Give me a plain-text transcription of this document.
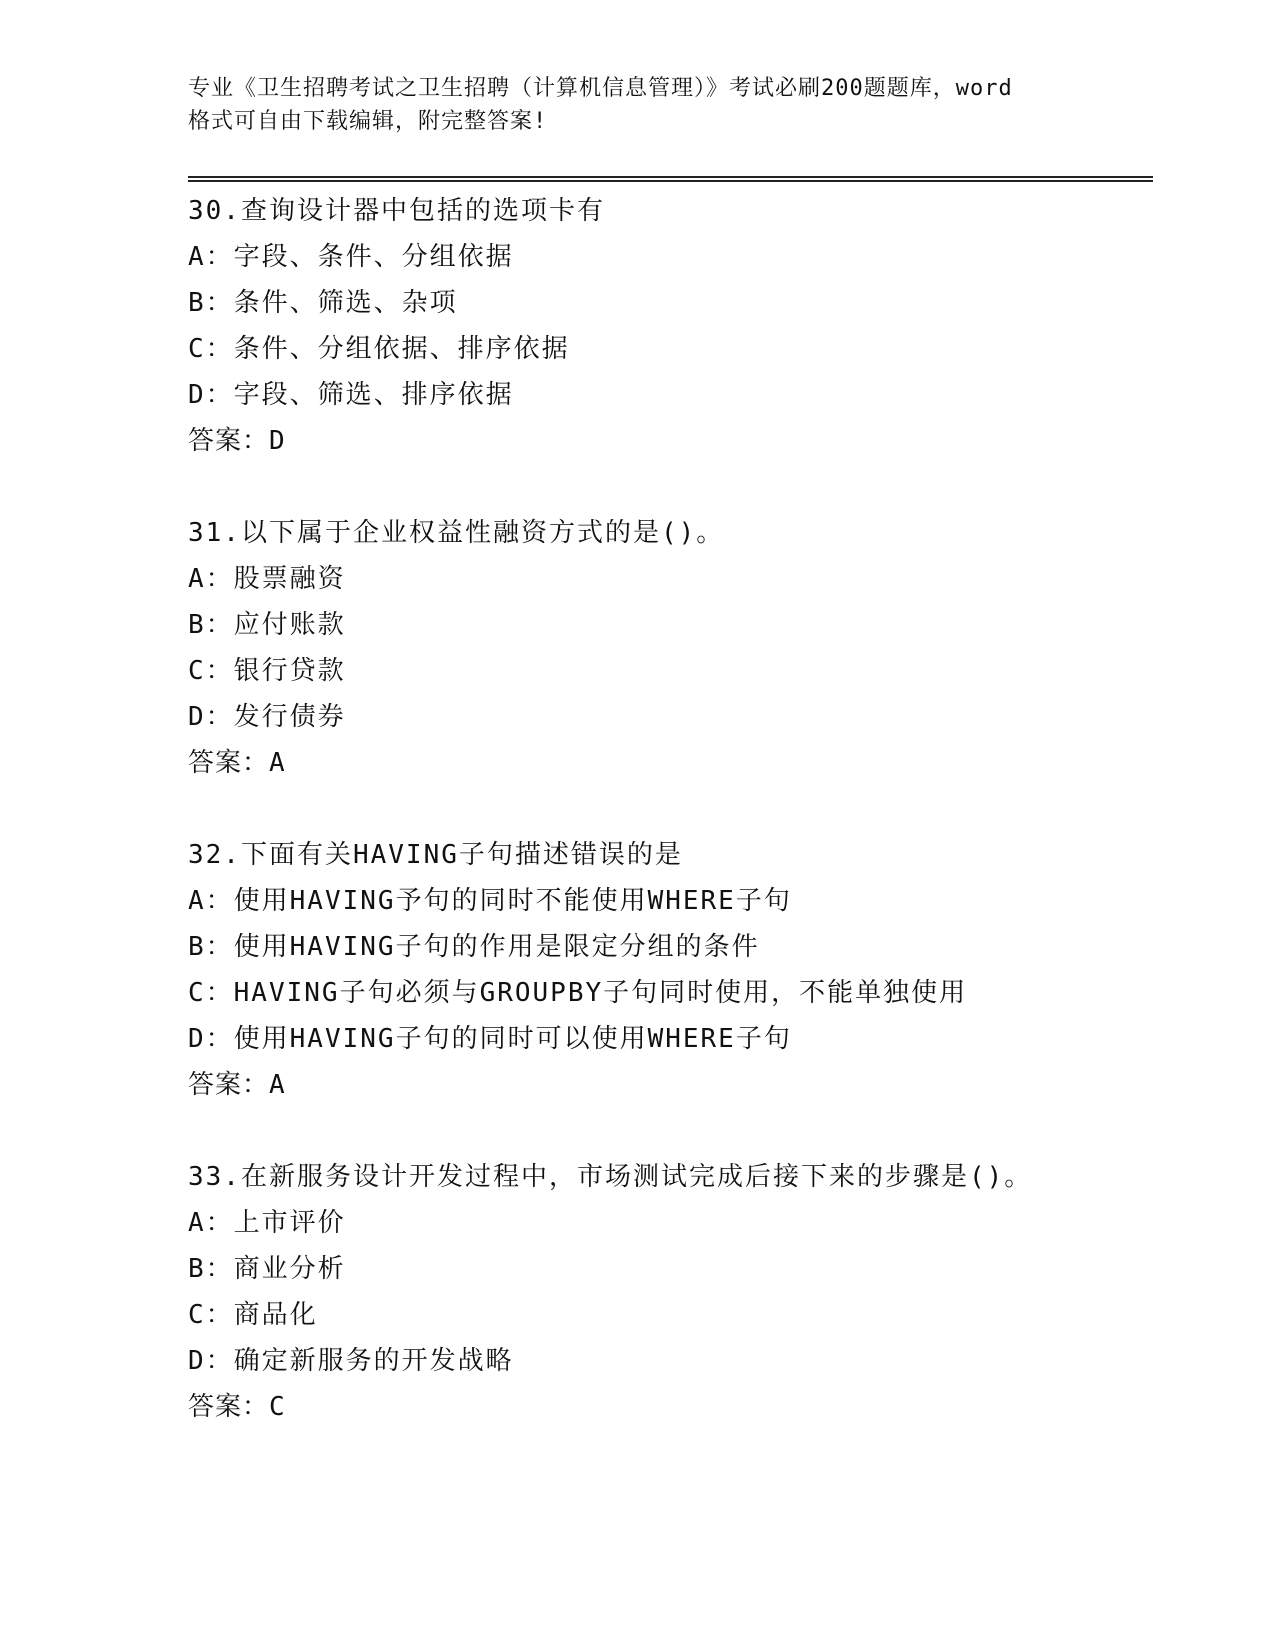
专业《卫生招聘考试之卫生招聘（计算机信息管理）》考试必刷200题题库，word
格式可自由下载编辑，附完整答案!
30.查询设计器中包括的选项卡有
A：字段、条件、分组依据
B：条件、筛选、杂项
C：条件、分组依据、排序依据
D：字段、筛选、排序依据
答案：D
31.以下属于企业权益性融资方式的是()。
A：股票融资
B：应付账款
C：银行贷款
D：发行债券
答案：A
32.下面有关HAVING子句描述错误的是
A：使用HAVING予句的同时不能使用WHERE子句
B：使用HAVING子句的作用是限定分组的条件
C：HAVING子句必须与GROUPBY子句同时使用，不能单独使用
D：使用HAVING子句的同时可以使用WHERE子句
答案：A
33.在新服务设计开发过程中，市场测试完成后接下来的步骤是()。
A：上市评价
B：商业分析
C：商品化
D：确定新服务的开发战略
答案：C
